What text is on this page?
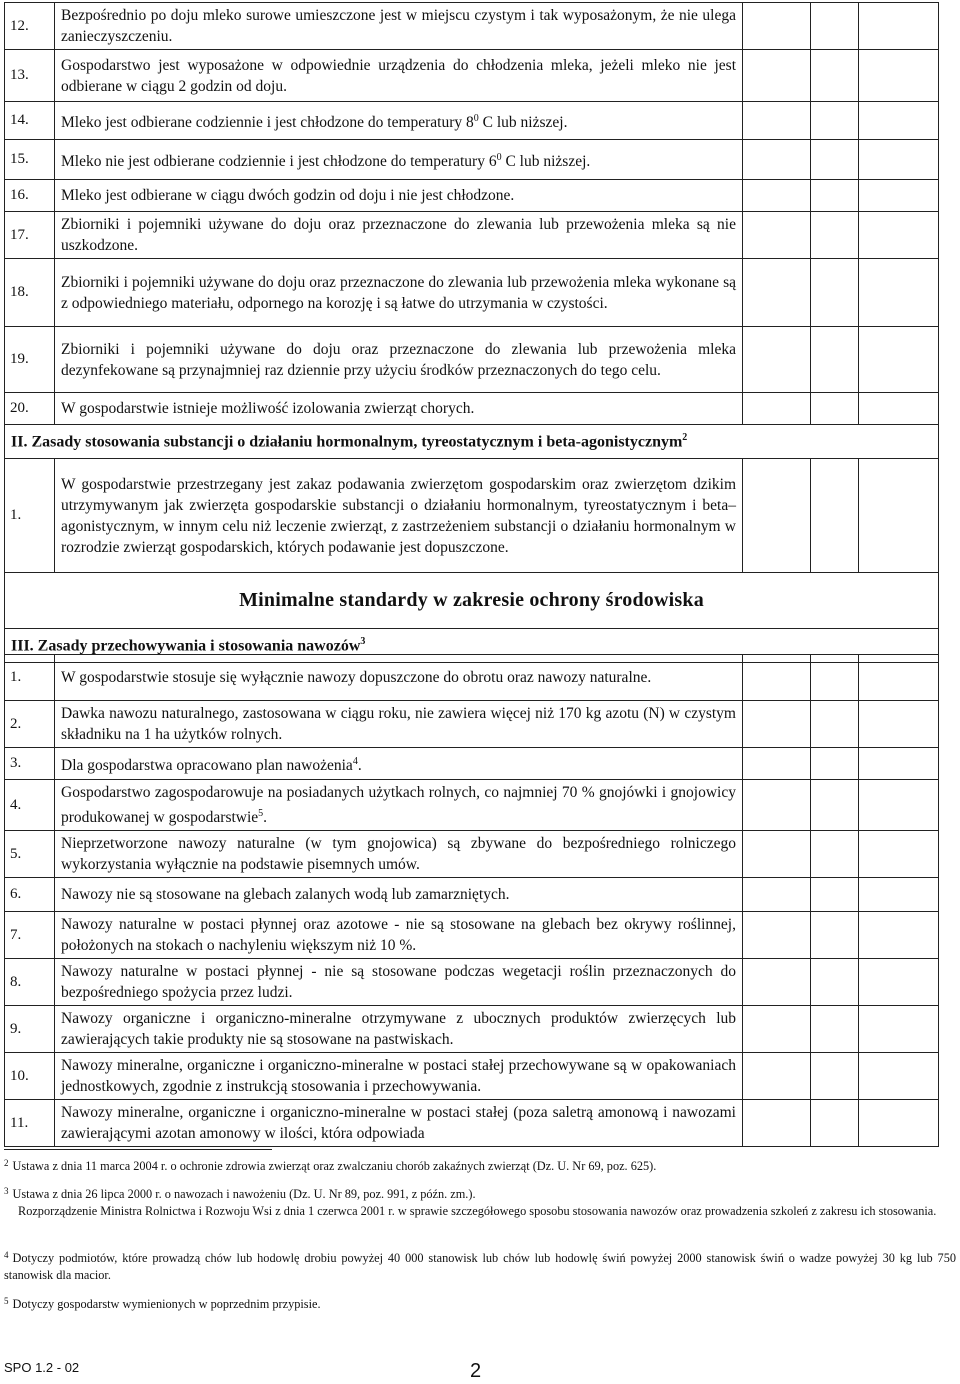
12.	Bezpośrednio po doju mleko surowe umieszczone jest w miejscu czystym i tak wyposażonym, że nie ulega zanieczyszczeniu.			
13.	Gospodarstwo jest wyposażone w odpowiednie urządzenia do chłodzenia mleka, jeżeli mleko nie jest odbierane w ciągu 2 godzin od doju.			
14.	Mleko jest odbierane codziennie i jest chłodzone do temperatury $8^0$ C lub niższej.			
15.	Mleko nie jest odbierane codziennie i jest chłodzone do temperatury $6^0$ C lub niższej.			
16.	Mleko jest odbierane w ciągu dwóch godzin od doju i nie jest chłodzone.			
17.	Zbiorniki i pojemniki używane do doju oraz przeznaczone do zlewania lub przewożenia mleka są nie uszkodzone.			
18.	Zbiorniki i pojemniki używane do doju oraz przeznaczone do zlewania lub przewożenia mleka wykonane są z odpowiedniego materiału, odpornego na korozję i są łatwe do utrzymania w czystości.			
19.	Zbiorniki i pojemniki używane do doju oraz przeznaczone do zlewania lub przewożenia mleka dezynfekowane są przynajmniej raz dziennie przy użyciu środków przeznaczonych do tego celu.			
20.	W gospodarstwie istnieje możliwość izolowania zwierząt chorych.			
II. Zasady stosowania substancji o działaniu hormonalnym, tyreostatycznym i beta-agonistycznym$^2$
1.	W gospodarstwie przestrzegany jest zakaz podawania zwierzętom gospodarskim oraz zwierzętom dzikim utrzymywanym jak zwierzęta gospodarskie substancji o działaniu hormonalnym, tyreostatycznym i beta–agonistycznym, w innym celu niż leczenie zwierząt, z zastrzeżeniem substancji o działaniu hormonalnym w rozrodzie zwierząt gospodarskich, których podawanie jest dopuszczone.			
Minimalne standardy w zakresie ochrony środowiska				
III. Zasady przechowywania i stosowania nawozów$^3$
1.	W gospodarstwie stosuje się wyłącznie nawozy dopuszczone do obrotu oraz nawozy naturalne.			
2.	Dawka nawozu naturalnego, zastosowana w ciągu roku, nie zawiera więcej niż 170 kg azotu (N) w czystym składniku na 1 ha użytków rolnych.			
3.	Dla gospodarstwa opracowano plan nawożenia$^4$.			
4.	Gospodarstwo zagospodarowuje na posiadanych użytkach rolnych, co najmniej 70 % gnojówki i gnojowicy produkowanej w gospodarstwie$^5$.			
5.	Nieprzetworzone nawozy naturalne (w tym gnojowica) są zbywane do bezpośredniego rolniczego wykorzystania wyłącznie na podstawie pisemnych umów.			
6.	Nawozy nie są stosowane na glebach zalanych wodą lub zamarzniętych.			
7.	Nawozy naturalne w postaci płynnej oraz azotowe - nie są stosowane na glebach bez okrywy roślinnej, położonych na stokach o nachyleniu większym niż 10 %.			
8.	Nawozy naturalne w postaci płynnej - nie są stosowane podczas wegetacji roślin przeznaczonych do bezpośredniego spożycia przez ludzi.			
9.	Nawozy organiczne i organiczno-mineralne otrzymywane z ubocznych produktów zwierzęcych lub zawierających takie produkty nie są stosowane na pastwiskach.			
10.	Nawozy mineralne, organiczne i organiczno-mineralne w postaci stałej przechowywane są w opakowaniach jednostkowych, zgodnie z instrukcją stosowania i przechowywania.			
11.	Nawozy mineralne, organiczne i organiczno-mineralne w postaci stałej (poza saletrą amonową i nawozami zawierającymi azotan amonowy w ilości, która odpowiada			
$^2$ Ustawa z dnia 11 marca 2004 r. o ochronie zdrowia zwierząt oraz zwalczaniu chorób zakaźnych zwierząt (Dz. U. Nr 69, poz. 625).
$^3$ Ustawa z dnia 26 lipca 2000 r. o nawozach i nawożeniu (Dz. U. Nr 89, poz. 991, z późn. zm.).
Rozporządzenie Ministra Rolnictwa i Rozwoju Wsi z dnia 1 czerwca 2001 r. w sprawie szczegółowego sposobu stosowania nawozów oraz prowadzenia szkoleń z zakresu ich stosowania.
$^4$ Dotyczy podmiotów, które prowadzą chów lub hodowlę drobiu powyżej 40 000 stanowisk lub chów lub hodowlę świń powyżej 2000 stanowisk świń o wadze powyżej 30 kg lub 750 stanowisk dla macior.
$^5$ Dotyczy gospodarstw wymienionych w poprzednim przypisie.
SPO 1.2 - 02	2
